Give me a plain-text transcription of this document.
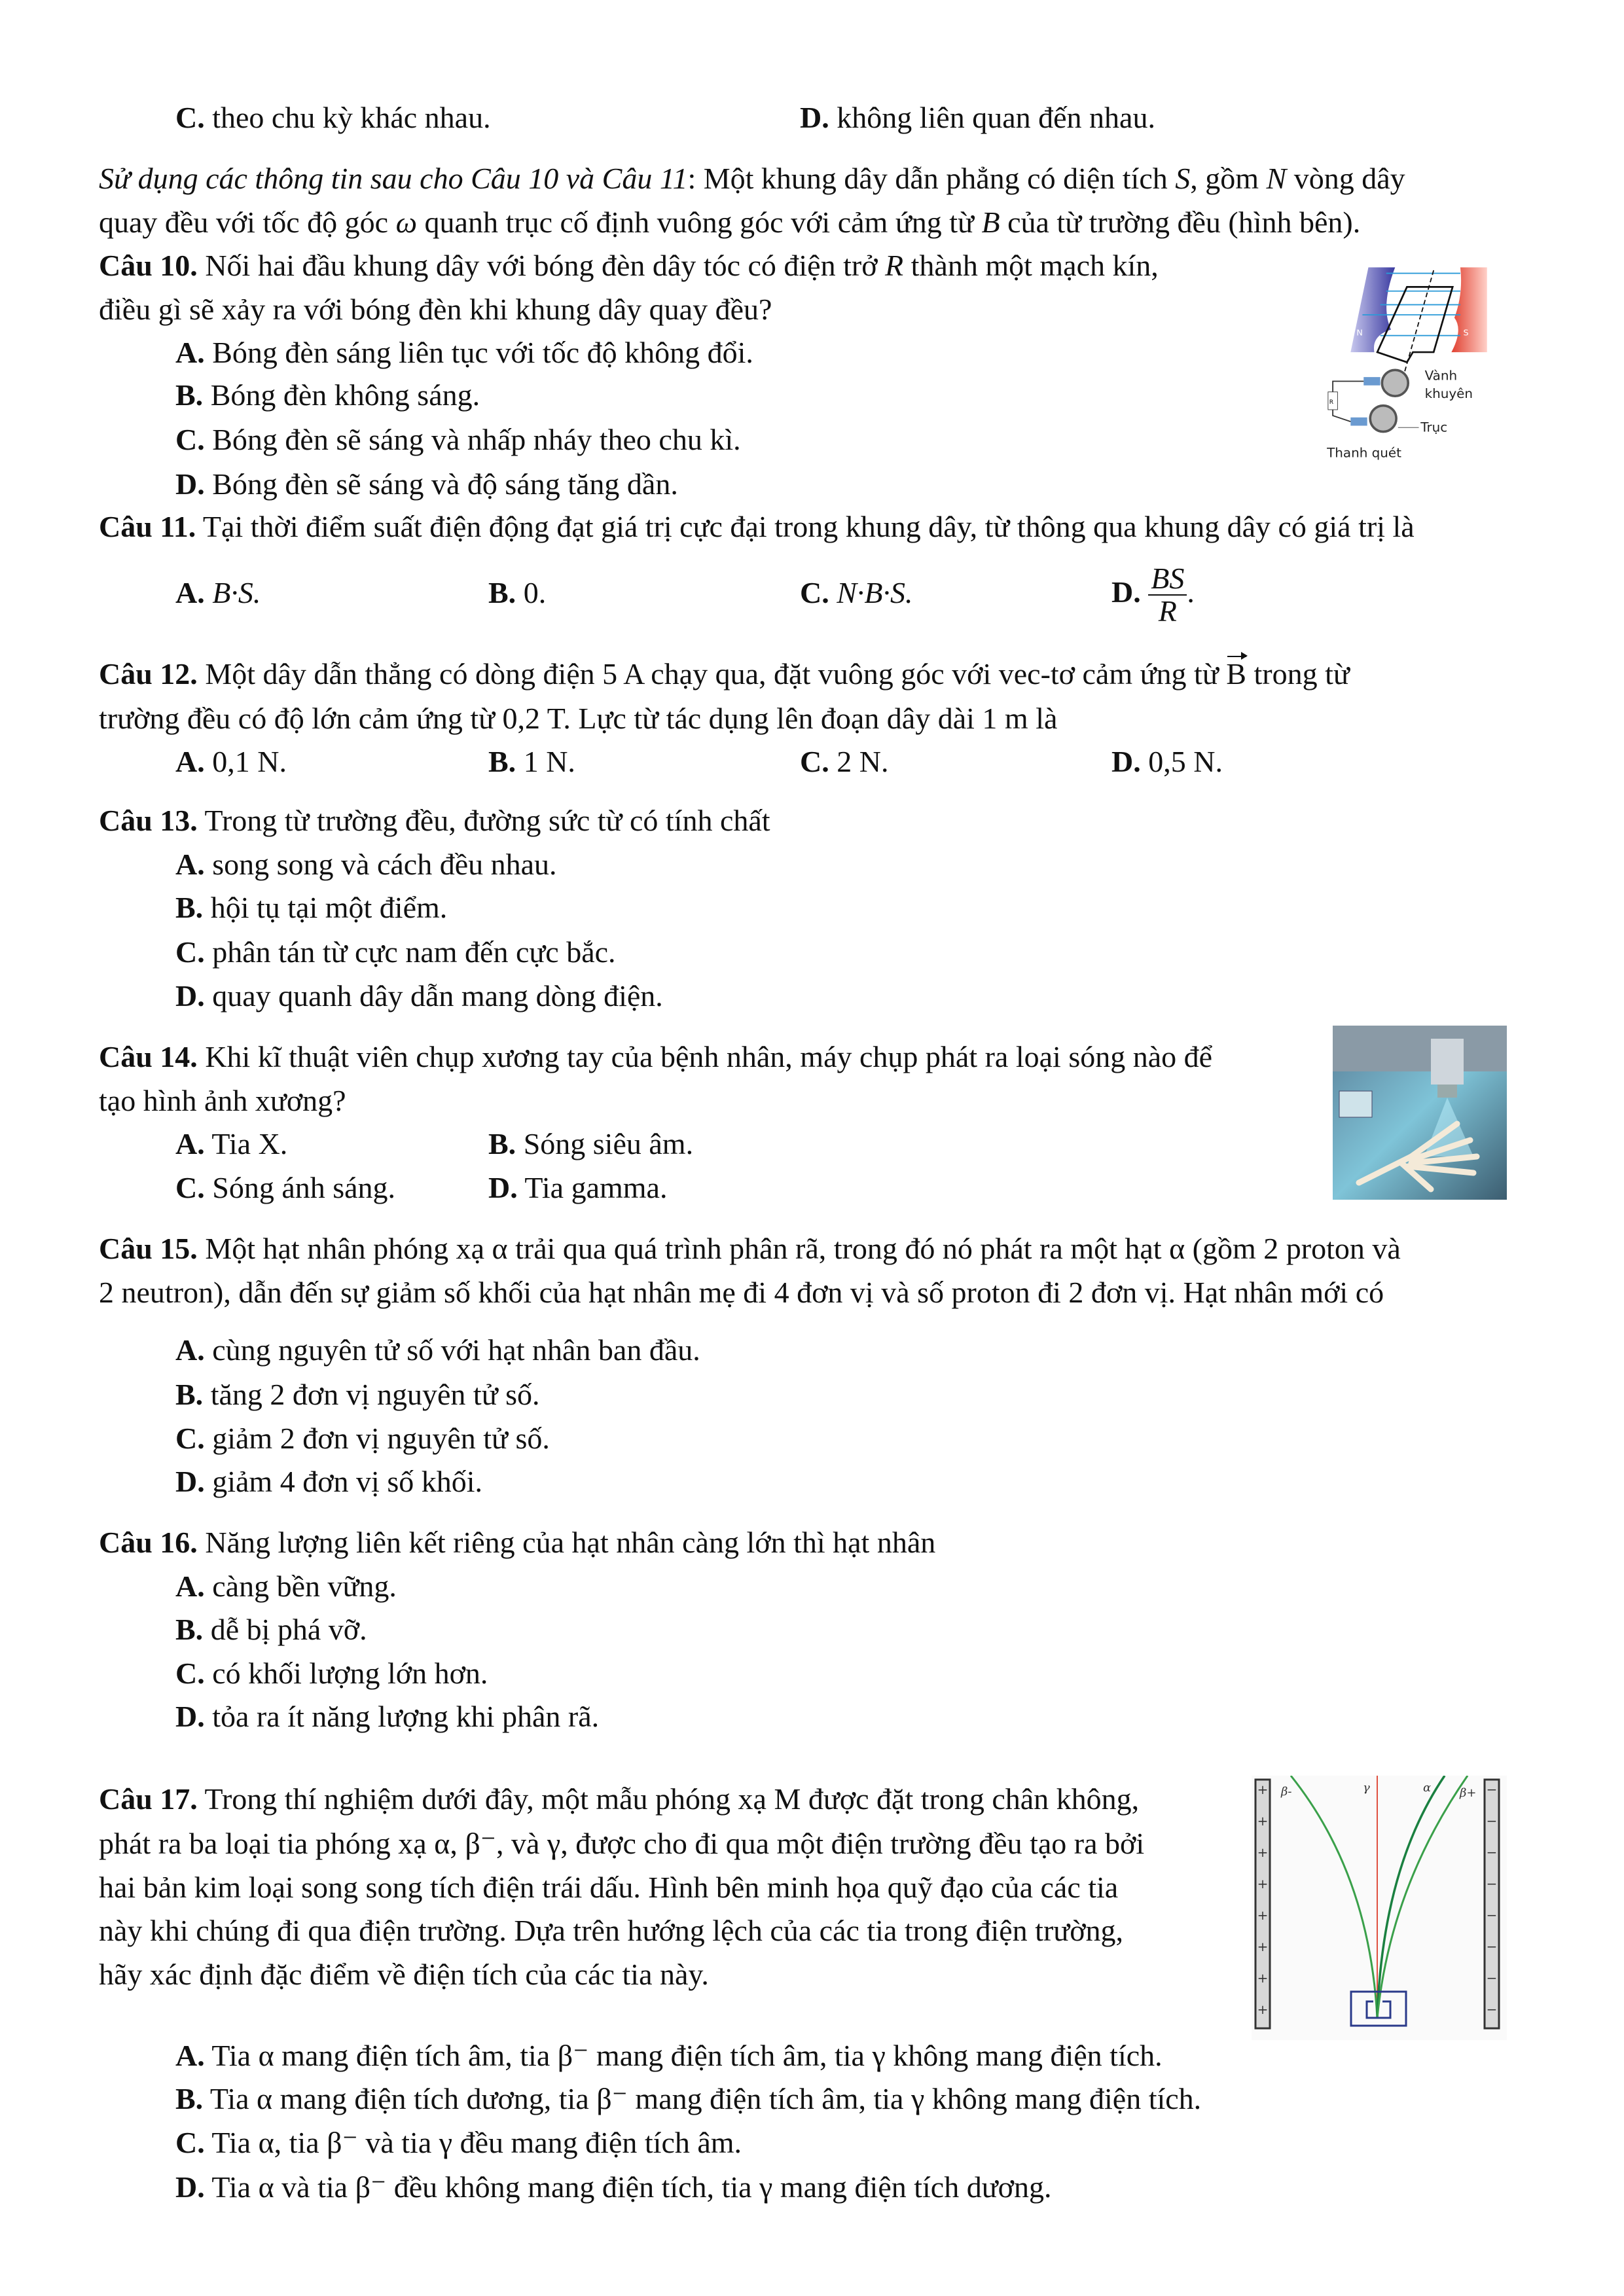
C. theo chu kỳ khác nhau.	D. không liên quan đến nhau.
Sử dụng các thông tin sau cho Câu 10 và Câu 11: Một khung dây dẫn phẳng có diện tích S, gồm N vòng dây
quay đều với tốc độ góc ω quanh trục cố định vuông góc với cảm ứng từ B của từ trường đều (hình bên).
Câu 10. Nối hai đầu khung dây với bóng đèn dây tóc có điện trở R thành một mạch kín,
điều gì sẽ xảy ra với bóng đèn khi khung dây quay đều?
A. Bóng đèn sáng liên tục với tốc độ không đổi.
B. Bóng đèn không sáng.
C. Bóng đèn sẽ sáng và nhấp nháy theo chu kì.
D. Bóng đèn sẽ sáng và độ sáng tăng dần.
N	S
R
Vành
khuyên
Trục
Thanh quét
Câu 11. Tại thời điểm suất điện động đạt giá trị cực đại trong khung dây, từ thông qua khung dây có giá trị là
A. B·S.	B. 0.	C. N·B·S.	D. $\frac{BS}{R}$ .
Câu 12. Một dây dẫn thẳng có dòng điện 5 A chạy qua, đặt vuông góc với vec-tơ cảm ứng từ B trong từ
trường đều có độ lớn cảm ứng từ 0,2 T. Lực từ tác dụng lên đoạn dây dài 1 m là
A. 0,1 N.	B. 1 N.	C. 2 N.	D. 0,5 N.
Câu 13. Trong từ trường đều, đường sức từ có tính chất
A. song song và cách đều nhau.
B. hội tụ tại một điểm.
C. phân tán từ cực nam đến cực bắc.
D. quay quanh dây dẫn mang dòng điện.
Câu 14. Khi kĩ thuật viên chụp xương tay của bệnh nhân, máy chụp phát ra loại sóng nào để
tạo hình ảnh xương?
A. Tia X.	B. Sóng siêu âm.
C. Sóng ánh sáng.	D. Tia gamma.
Câu 15. Một hạt nhân phóng xạ α trải qua quá trình phân rã, trong đó nó phát ra một hạt α (gồm 2 proton và
2 neutron), dẫn đến sự giảm số khối của hạt nhân mẹ đi 4 đơn vị và số proton đi 2 đơn vị. Hạt nhân mới có
A. cùng nguyên tử số với hạt nhân ban đầu.
B. tăng 2 đơn vị nguyên tử số.
C. giảm 2 đơn vị nguyên tử số.
D. giảm 4 đơn vị số khối.
Câu 16. Năng lượng liên kết riêng của hạt nhân càng lớn thì hạt nhân
A. càng bền vững.
B. dễ bị phá vỡ.
C. có khối lượng lớn hơn.
D. tỏa ra ít năng lượng khi phân rã.
Câu 17. Trong thí nghiệm dưới đây, một mẫu phóng xạ M được đặt trong chân không,
phát ra ba loại tia phóng xạ α, β⁻, và γ, được cho đi qua một điện trường đều tạo ra bởi
hai bản kim loại song song tích điện trái dấu. Hình bên minh họa quỹ đạo của các tia
này khi chúng đi qua điện trường. Dựa trên hướng lệch của các tia trong điện trường,
hãy xác định đặc điểm về điện tích của các tia này.
A. Tia α mang điện tích âm, tia β⁻ mang điện tích âm, tia γ không mang điện tích.
B. Tia α mang điện tích dương, tia β⁻ mang điện tích âm, tia γ không mang điện tích.
C. Tia α, tia β⁻ và tia γ đều mang điện tích âm.
D. Tia α và tia β⁻ đều không mang điện tích, tia γ mang điện tích dương.
+
+
+
+
+
+
+
+
−
−
−
−
−
−
−
−
β-	γ	α β+
